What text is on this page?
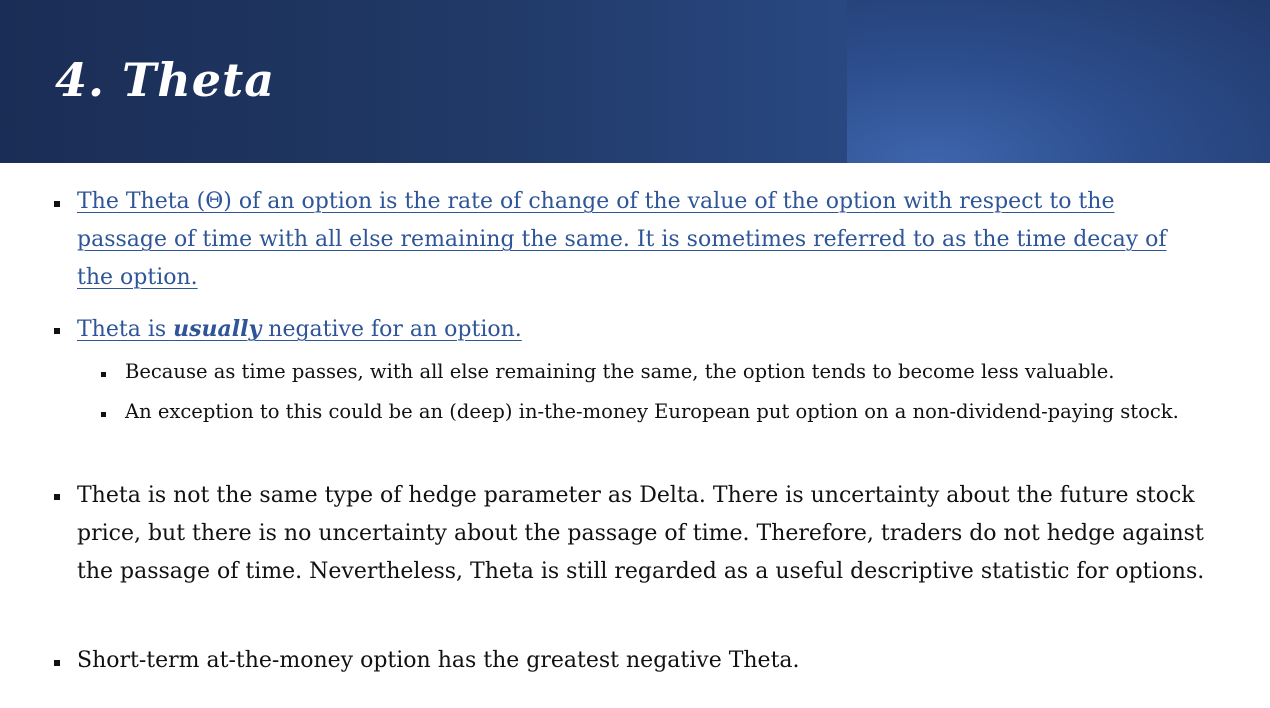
4. Theta
The Theta (Θ) of an option is the rate of change of the value of the option with respect to the passage of time with all else remaining the same. It is sometimes referred to as the time decay of the option.
Theta is usually negative for an option.
Because as time passes, with all else remaining the same, the option tends to become less valuable.
An exception to this could be an (deep) in-the-money European put option on a non-dividend-paying stock.
Theta is not the same type of hedge parameter as Delta. There is uncertainty about the future stock price, but there is no uncertainty about the passage of time. Therefore, traders do not hedge against the passage of time. Nevertheless, Theta is still regarded as a useful descriptive statistic for options.
Short-term at-the-money option has the greatest negative Theta.
